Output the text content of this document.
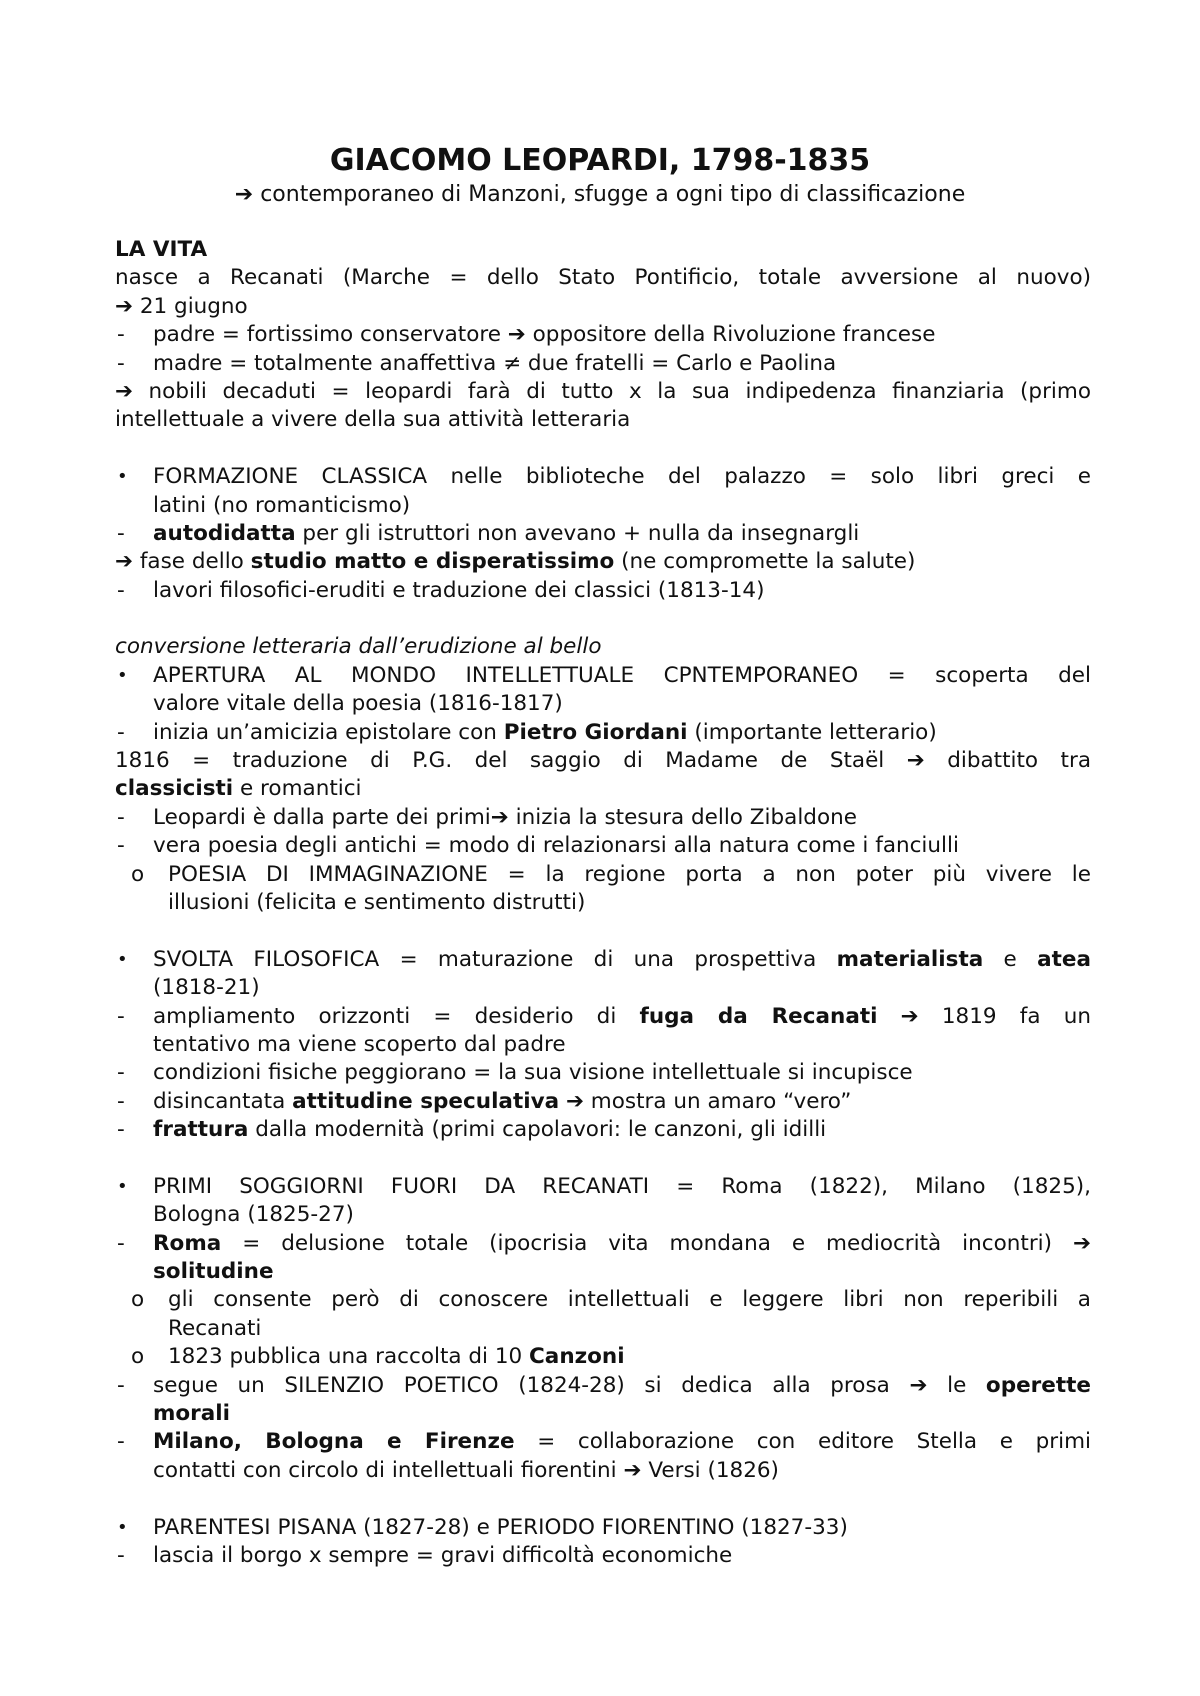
GIACOMO LEOPARDI, 1798-1835
➔ contemporaneo di Manzoni, sfugge a ogni tipo di classificazione
LA VITA
nasce a Recanati (Marche = dello Stato Pontificio, totale avversione al nuovo)
➔ 21 giugno
-	padre = fortissimo conservatore ➔ oppositore della Rivoluzione francese
-	madre = totalmente anaffettiva ≠ due fratelli = Carlo e Paolina
➔ nobili decaduti = leopardi farà di tutto x la sua indipedenza finanziaria (primo
intellettuale a vivere della sua attività letteraria
•	FORMAZIONE CLASSICA nelle biblioteche del palazzo = solo libri greci e
latini (no romanticismo)
-	autodidatta per gli istruttori non avevano + nulla da insegnargli
➔ fase dello studio matto e disperatissimo (ne compromette la salute)
-	lavori filosofici-eruditi e traduzione dei classici (1813-14)
conversione letteraria dall’erudizione al bello
•	APERTURA AL MONDO INTELLETTUALE CPNTEMPORANEO = scoperta del
valore vitale della poesia (1816-1817)
-	inizia un’amicizia epistolare con Pietro Giordani (importante letterario)
1816 = traduzione di P.G. del saggio di Madame de Staël ➔ dibattito tra
classicisti e romantici
-	Leopardi è dalla parte dei primi➔ inizia la stesura dello Zibaldone
-	vera poesia degli antichi = modo di relazionarsi alla natura come i fanciulli
o	POESIA DI IMMAGINAZIONE = la regione porta a non poter più vivere le
illusioni (felicita e sentimento distrutti)
•	SVOLTA FILOSOFICA = maturazione di una prospettiva materialista e atea
(1818-21)
-	ampliamento orizzonti = desiderio di fuga da Recanati ➔ 1819 fa un
tentativo ma viene scoperto dal padre
-	condizioni fisiche peggiorano = la sua visione intellettuale si incupisce
-	disincantata attitudine speculativa ➔ mostra un amaro “vero”
-	frattura dalla modernità (primi capolavori: le canzoni, gli idilli
•	PRIMI SOGGIORNI FUORI DA RECANATI = Roma (1822), Milano (1825),
Bologna (1825-27)
-	Roma = delusione totale (ipocrisia vita mondana e mediocrità incontri) ➔
solitudine
o	gli consente però di conoscere intellettuali e leggere libri non reperibili a
Recanati
o	1823 pubblica una raccolta di 10 Canzoni
-	segue un SILENZIO POETICO (1824-28) si dedica alla prosa ➔ le operette
morali
-	Milano, Bologna e Firenze = collaborazione con editore Stella e primi
contatti con circolo di intellettuali fiorentini ➔ Versi (1826)
•	PARENTESI PISANA (1827-28) e PERIODO FIORENTINO (1827-33)
-	lascia il borgo x sempre = gravi difficoltà economiche
